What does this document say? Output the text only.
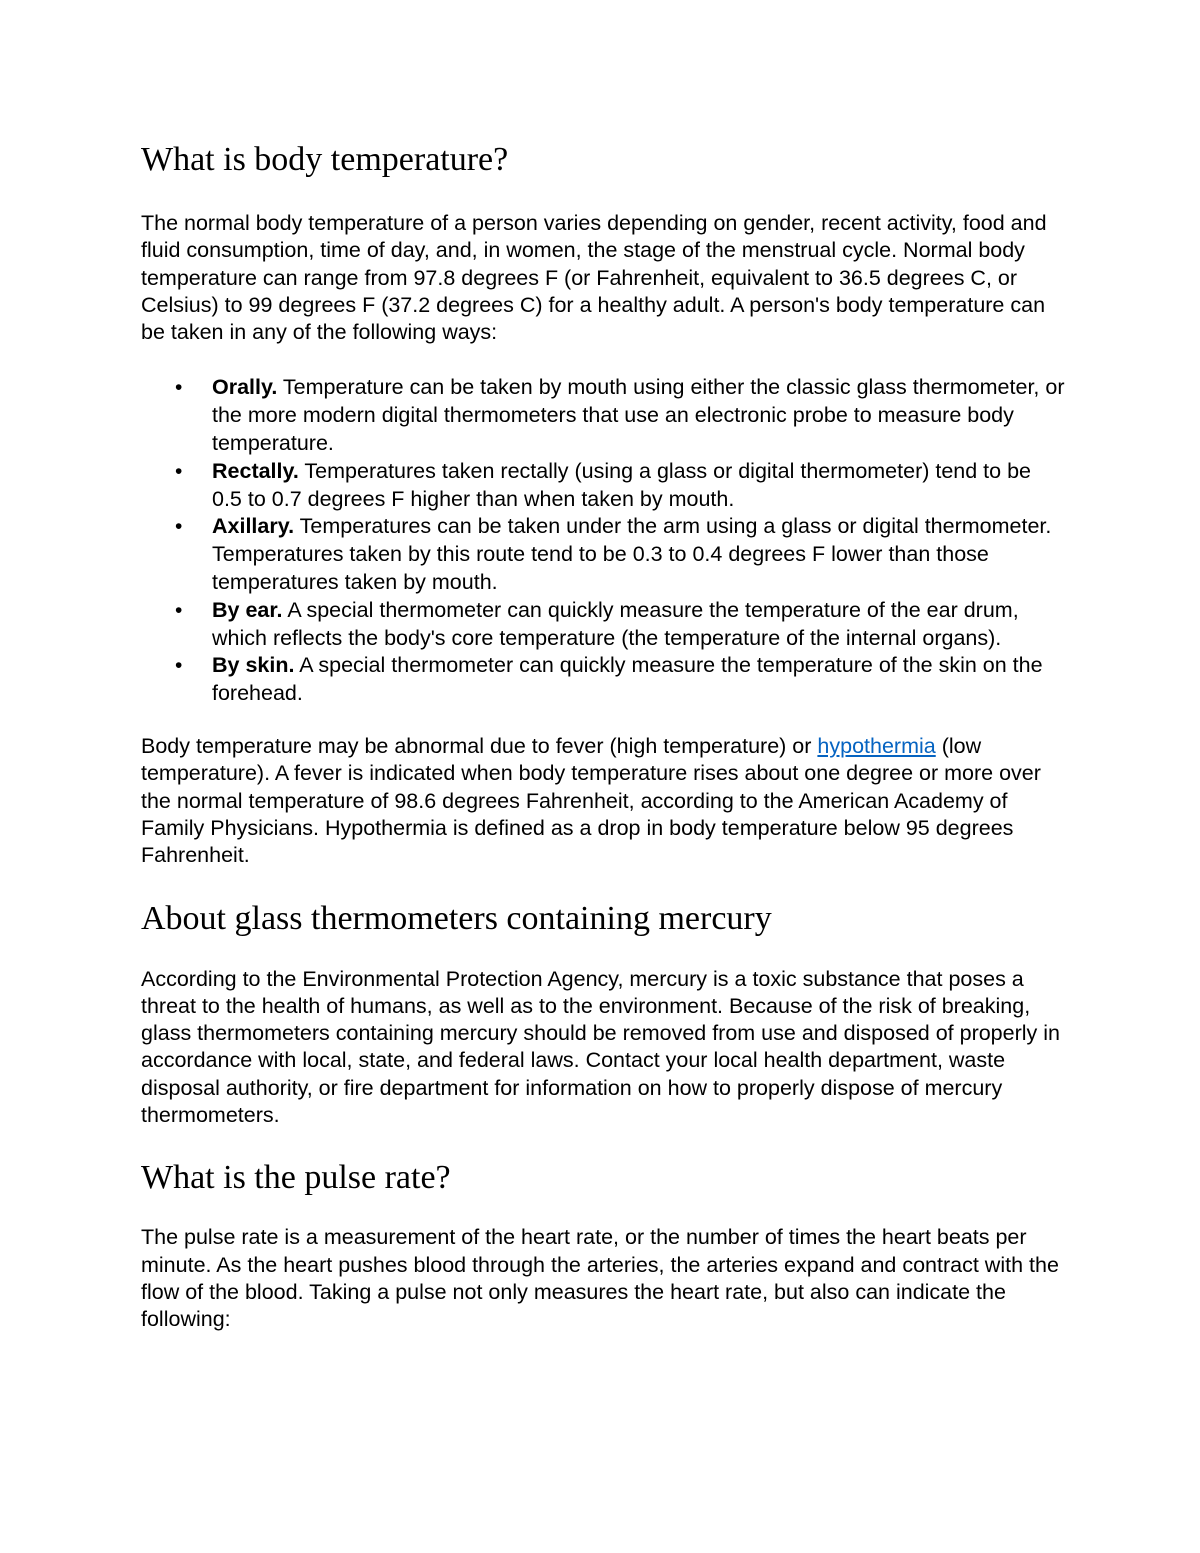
What is body temperature?

The normal body temperature of a person varies depending on gender, recent activity, food and fluid consumption, time of day, and, in women, the stage of the menstrual cycle. Normal body temperature can range from 97.8 degrees F (or Fahrenheit, equivalent to 36.5 degrees C, or Celsius) to 99 degrees F (37.2 degrees C) for a healthy adult. A person's body temperature can be taken in any of the following ways:

• Orally. Temperature can be taken by mouth using either the classic glass thermometer, or the more modern digital thermometers that use an electronic probe to measure body temperature.
• Rectally. Temperatures taken rectally (using a glass or digital thermometer) tend to be 0.5 to 0.7 degrees F higher than when taken by mouth.
• Axillary. Temperatures can be taken under the arm using a glass or digital thermometer. Temperatures taken by this route tend to be 0.3 to 0.4 degrees F lower than those temperatures taken by mouth.
• By ear. A special thermometer can quickly measure the temperature of the ear drum, which reflects the body's core temperature (the temperature of the internal organs).
• By skin. A special thermometer can quickly measure the temperature of the skin on the forehead.

Body temperature may be abnormal due to fever (high temperature) or hypothermia (low temperature). A fever is indicated when body temperature rises about one degree or more over the normal temperature of 98.6 degrees Fahrenheit, according to the American Academy of Family Physicians. Hypothermia is defined as a drop in body temperature below 95 degrees Fahrenheit.

About glass thermometers containing mercury

According to the Environmental Protection Agency, mercury is a toxic substance that poses a threat to the health of humans, as well as to the environment. Because of the risk of breaking, glass thermometers containing mercury should be removed from use and disposed of properly in accordance with local, state, and federal laws. Contact your local health department, waste disposal authority, or fire department for information on how to properly dispose of mercury thermometers.

What is the pulse rate?

The pulse rate is a measurement of the heart rate, or the number of times the heart beats per minute. As the heart pushes blood through the arteries, the arteries expand and contract with the flow of the blood. Taking a pulse not only measures the heart rate, but also can indicate the following:
